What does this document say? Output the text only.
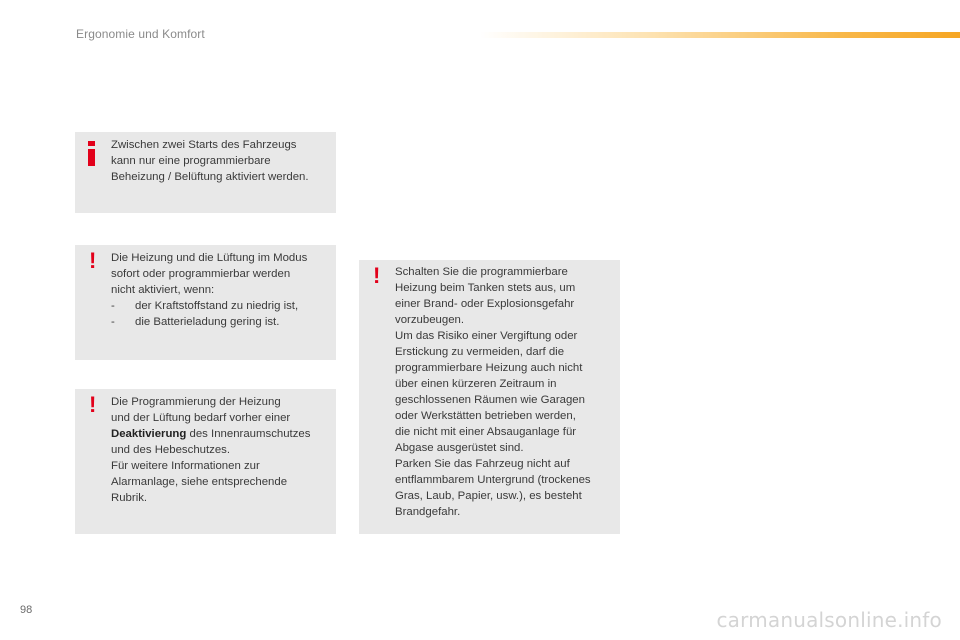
Ergonomie und Komfort

Zwischen zwei Starts des Fahrzeugs

kann nur eine programmierbare

Beheizung / Belüftung aktiviert werden.

! Die Heizung und die Lüftung im Modus

sofort oder programmierbar werden

nicht aktiviert, wenn:

-	der Kraftstoffstand zu niedrig ist,
-	die Batterieladung gering ist.
! Die Programmierung der Heizung

und der Lüftung bedarf vorher einer

Deaktivierung des Innenraumschutzes

und des Hebeschutzes.

Für weitere Informationen zur

Alarmanlage, siehe entsprechende

Rubrik.

! Schalten Sie die programmierbare

Heizung beim Tanken stets aus, um

einer Brand- oder Explosionsgefahr

vorzubeugen.

Um das Risiko einer Vergiftung oder

Erstickung zu vermeiden, darf die

programmierbare Heizung auch nicht

über einen kürzeren Zeitraum in

geschlossenen Räumen wie Garagen

oder Werkstätten betrieben werden,

die nicht mit einer Absauganlage für

Abgase ausgerüstet sind.

Parken Sie das Fahrzeug nicht auf

entflammbarem Untergrund (trockenes

Gras, Laub, Papier, usw.), es besteht

Brandgefahr.

98	carmanualsonline.info
